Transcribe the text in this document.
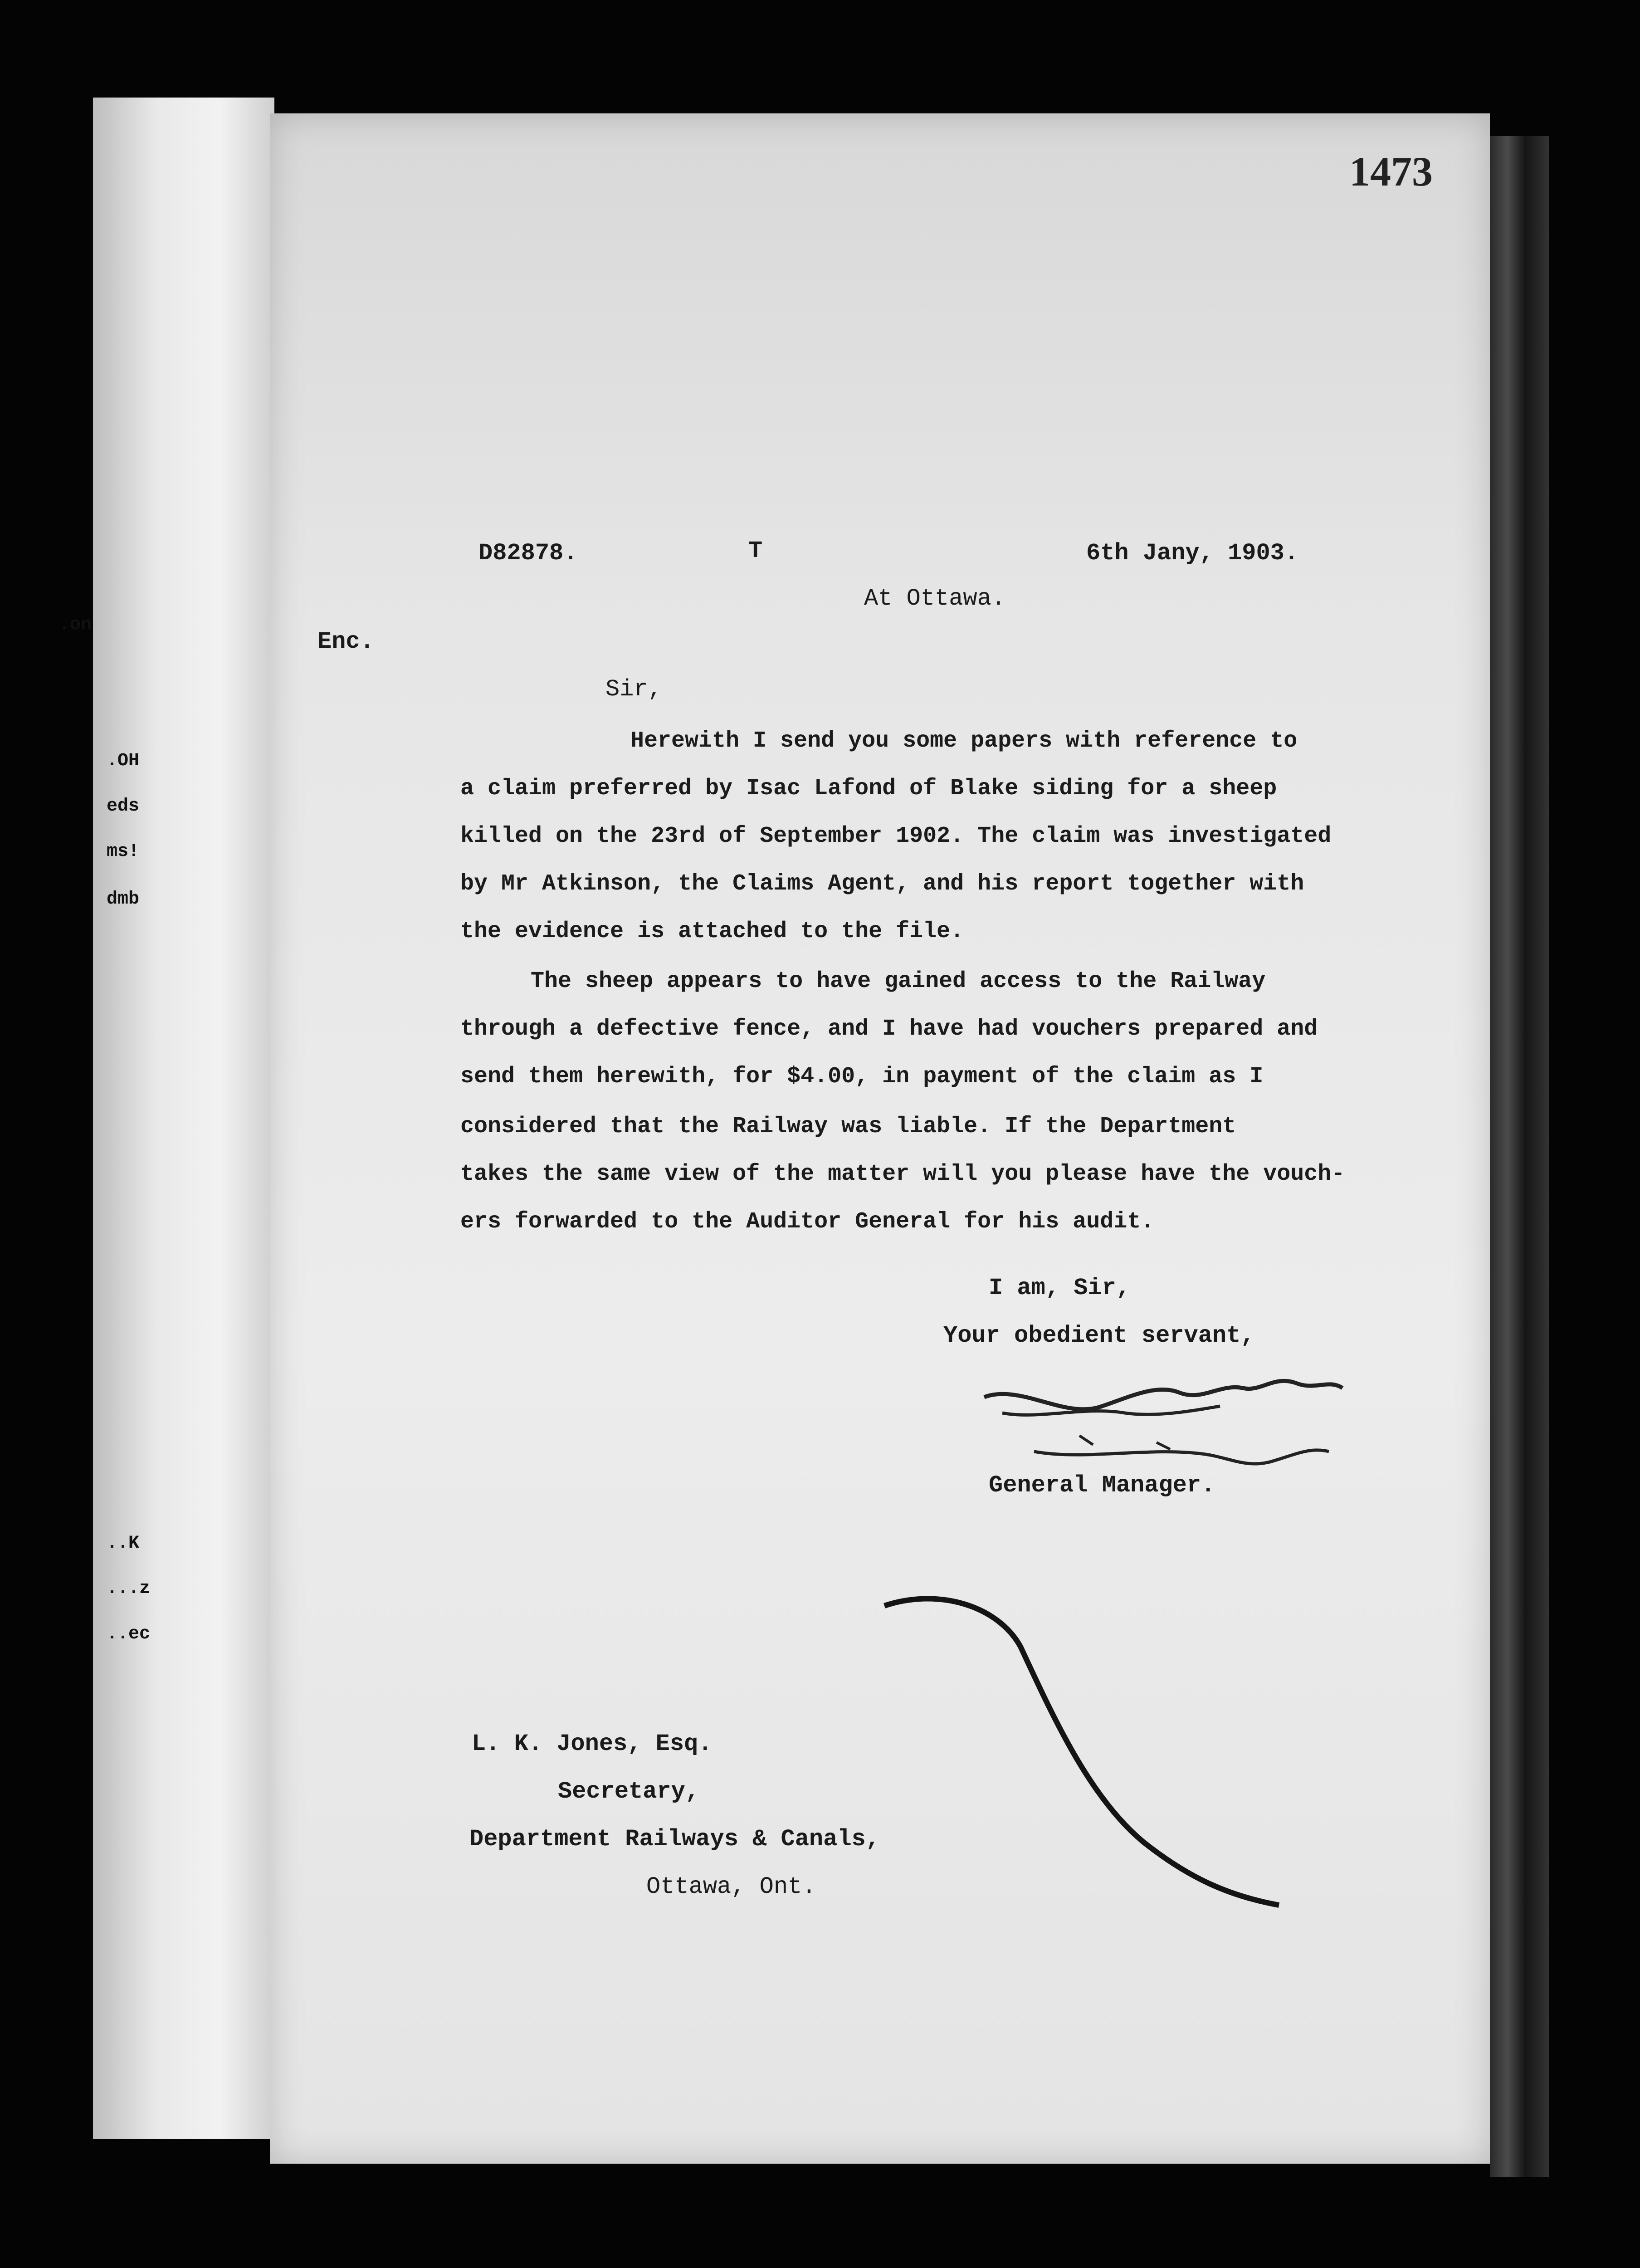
.on
.OH
eds
ms!
dmb
..K
...z
..ec
1473
D82878.	T	6th Jany, 1903.
At Ottawa.
Enc.
Sir,
Herewith I send you some papers with reference to
a claim preferred by Isac Lafond of Blake siding for a sheep
killed on the 23rd of September 1902. The claim was investigated
by Mr Atkinson, the Claims Agent, and his report together with
the evidence is attached to the file.
The sheep appears to have gained access to the Railway
through a defective fence, and I have had vouchers prepared and
send them herewith, for $4.00, in payment of the claim as I
considered that the Railway was liable. If the Department
takes the same view of the matter will you please have the vouch-
ers forwarded to the Auditor General for his audit.
I am, Sir,
Your obedient servant,
General Manager.
L. K. Jones, Esq.
Secretary,
Department Railways & Canals,
Ottawa, Ont.
